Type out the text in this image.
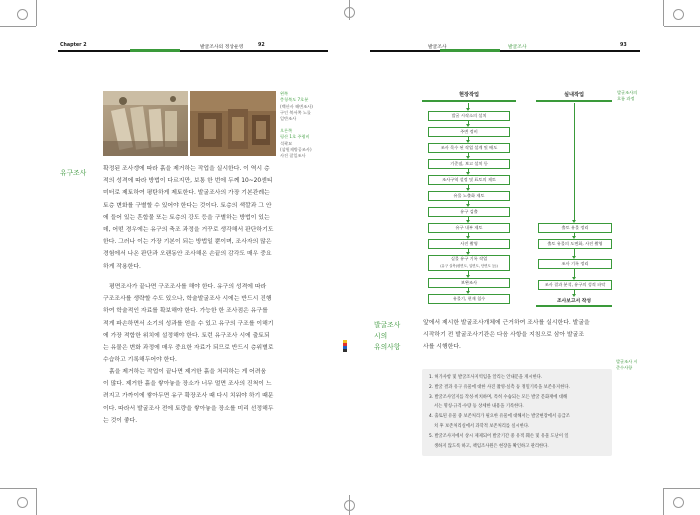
Chapter 2	발굴조사의 정상운영	92
왼쪽
충청북도 7호분
(백산사 해변조사)
구인 북서쪽 노를
일반조사
오른쪽
평산 1호 주령비
석곽묘
(삼원제방공조사)
사진 잘일조사
유구조사	확정된 조사갱에 따라 흙을 제거하는 작업을 실시한다. 이 역시 층
적의 성격에 따라 방법이 다르지만, 보통 한 번에 두께 10~20센티
미터로 제토하여 평탄하게 제토한다. 발굴조사의 가장 기본관례는
토층 변화를 구별할 수 있어야 한다는 것이다. 토층의 색깔과 그 안
에 들어 있는 흔합물 또는 토층의 강도 등을 구별하는 방법이 있는
데, 어떤 경우에는 유구의 축조 과정을 거꾸로 생각해서 판단하기도
한다. 그러나 이는 가장 기본이 되는 방법일 뿐이며, 조사자의 많은
경험에서 나온 판단과 오랜동안 조사해온 손끝의 감각도 매우 중요
하게 작용한다.
평면조사가 끝나면 구조조사를 해야 한다. 유구의 성격에 따라
구조조사를 생략할 수도 있으나, 학술발굴조사 시에는 반드시 진행
하여 학술적인 자료를 확보해야 한다. 가능한 한 조사점은 유구를
적게 파손하면서 소기의 성과를 얻을 수 있고 유구의 구조를 이해기
에 가장 적합한 위치에 설정해야 한다. 토런 유구조사 시에 출토되
는 유물은 변화 과정에 매우 중요한 자료가 되므로 반드시 층위별로
수습하고 기록해두어야 한다.
흙을 제거하는 작업이 끝나면 제거한 흙을 처리하는 게 어려움
이 많다. 제거한 흙을 쌓아놓을 장소가 너무 멀면 조사의 진척이 느
려지고 가까이에 쌓아두면 유구 확장조사 때 다시 치워야 하기 때문
이다. 따라서 발굴조사 전에 토량을 쌓아놓을 장소를 미리 선정해두
는 것이 좋다.
발굴조사	발굴조사	93
현장작업	실내작업	발굴조사의
흐름 과정
발굴 시작소의 설치
주변 정비
조사 목수 된 작업 설계 및 배도
기준점, 보고 설치 등
조사구역 설정 및 표토의 제토
유물 노출화 제토
유구 검출
유구 내부 제토
사진 촬영
실물 유구 기록 작업
(유구 실측(평면도, 입면도, 단면도 등))
보완조사
유물기, 현재 철수
출토 유물 정리
출토 유물의 도면화, 사진 촬영
조사 기록 정리
조사 결과 분석, 유구의 성격 파악
조사보고서 작성
발굴조사
시의
유의사항
앞에서 제시한 발굴조사개체에 근거하여 조사를 실시한다. 발굴을
시작하기 전 발굴조사기관은 다음 사항을 지침으로 삼아 발굴조
사를 시행한다.
발굴조사 시
준수사항
1. 허가사항 및 발굴조사지역임을 알리는 안내문을 게시한다.
2. 발굴 결과 유구 유물에 대한 사진 촬영·실측 등 정밀기록을 보존유지한다.
3. 발굴조사일지를 작성·비치하며, 특히 수습되는 모든 발굴 문화재에 대해
서는 명칭·규격·수량 등 상세한 내용을 기록한다.
4. 출토된 유물 중 보존처리가 필요한 유물에 대해서는 발굴현장에서 응급조
치 후 보존처리실에서 과학적 보존처리를 실시한다.
5. 발굴조사지에서 상시 제제되어 발굴기간 중 유적 훼손 및 유물 도난이 일
생하지 않도록 하고, 책임조사원은 현장을 확인하고 관리한다.
